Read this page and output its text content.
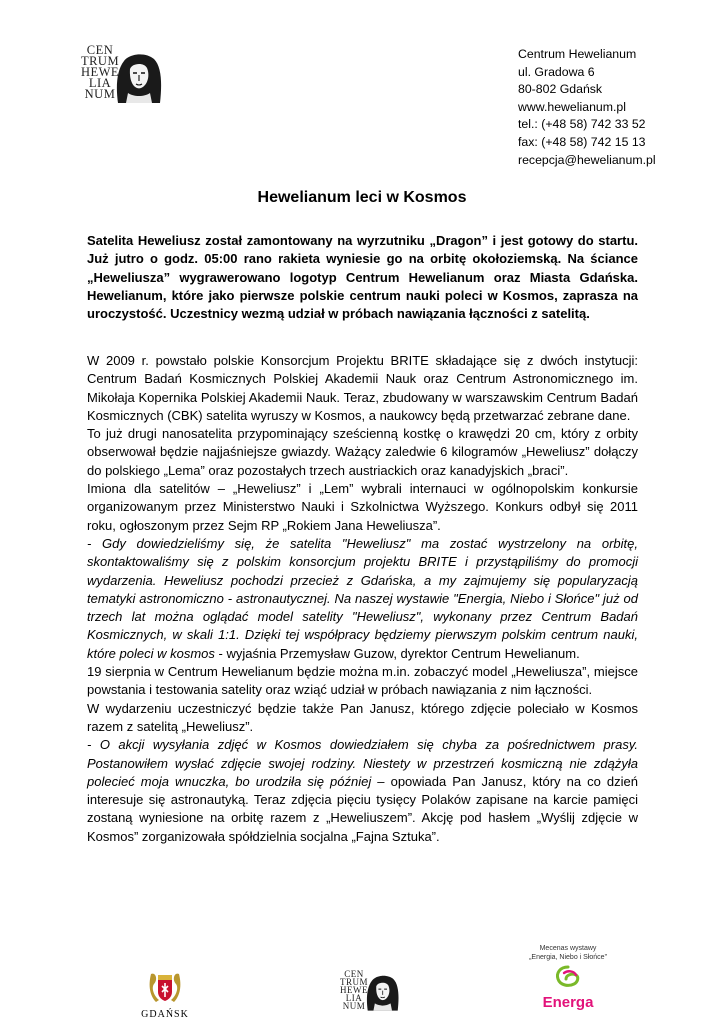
CEN
TRUM
HEWE
LIA
NUM
Centrum Hewelianum
ul. Gradowa 6
80-802 Gdańsk
www.hewelianum.pl
tel.: (+48 58) 742 33 52
fax: (+48 58) 742 15 13
recepcja@hewelianum.pl
Hewelianum leci w Kosmos
Satelita Heweliusz został zamontowany na wyrzutniku „Dragon” i jest gotowy do startu. Już jutro o godz. 05:00 rano rakieta wyniesie go na orbitę okołoziemską. Na ściance „Heweliusza” wygrawerowano logotyp Centrum Hewelianum oraz Miasta Gdańska. Hewelianum, które jako pierwsze polskie centrum nauki poleci w Kosmos, zaprasza na uroczystość. Uczestnicy wezmą udział w próbach nawiązania łączności z satelitą.

W 2009 r. powstało polskie Konsorcjum Projektu BRITE składające się z dwóch instytucji: Centrum Badań Kosmicznych Polskiej Akademii Nauk oraz Centrum Astronomicznego im. Mikołaja Kopernika Polskiej Akademii Nauk. Teraz, zbudowany w warszawskim Centrum Badań Kosmicznych (CBK) satelita wyruszy w Kosmos, a naukowcy będą przetwarzać zebrane dane.

To już drugi nanosatelita przypominający sześcienną kostkę o krawędzi 20 cm, który z orbity obserwował będzie najjaśniejsze gwiazdy. Ważący zaledwie 6 kilogramów „Heweliusz” dołączy do polskiego „Lema” oraz pozostałych trzech austriackich oraz kanadyjskich „braci”.

Imiona dla satelitów – „Heweliusz” i „Lem” wybrali internauci w ogólnopolskim konkursie organizowanym przez Ministerstwo Nauki i Szkolnictwa Wyższego. Konkurs odbył się 2011 roku, ogłoszonym przez Sejm RP „Rokiem Jana Heweliusza”.

- Gdy dowiedzieliśmy się, że satelita "Heweliusz" ma zostać wystrzelony na orbitę, skontaktowaliśmy się z polskim konsorcjum projektu BRITE i przystąpiliśmy do promocji wydarzenia. Heweliusz pochodzi przecież z Gdańska, a my zajmujemy się popularyzacją tematyki astronomiczno - astronautycznej. Na naszej wystawie "Energia, Niebo i Słońce" już od trzech lat można oglądać model satelity "Heweliusz", wykonany przez Centrum Badań Kosmicznych, w skali 1:1. Dzięki tej współpracy będziemy pierwszym polskim centrum nauki, które poleci w kosmos - wyjaśnia Przemysław Guzow, dyrektor Centrum Hewelianum.

19 sierpnia w Centrum Hewelianum będzie można m.in. zobaczyć model „Heweliusza”, miejsce powstania i testowania satelity oraz wziąć udział w próbach nawiązania z nim łączności.

W wydarzeniu uczestniczyć będzie także Pan Janusz, którego zdjęcie poleciało w Kosmos razem z satelitą „Heweliusz”.

- O akcji wysyłania zdjęć w Kosmos dowiedziałem się chyba za pośrednictwem prasy. Postanowiłem wysłać zdjęcie swojej rodziny. Niestety w przestrzeń kosmiczną nie zdążyła polecieć moja wnuczka, bo urodziła się później – opowiada Pan Janusz, który na co dzień interesuje się astronautyką. Teraz zdjęcia pięciu tysięcy Polaków zapisane na karcie pamięci zostaną wyniesione na orbitę razem z „Heweliuszem”. Akcję pod hasłem „Wyślij zdjęcie w Kosmos” zorganizowała spółdzielnia socjalna „Fajna Sztuka”.

GDAŃSK
CEN
TRUM
HEWE
LIA
NUM
Mecenas wystawy
„Energia, Niebo i Słońce”
Energa
